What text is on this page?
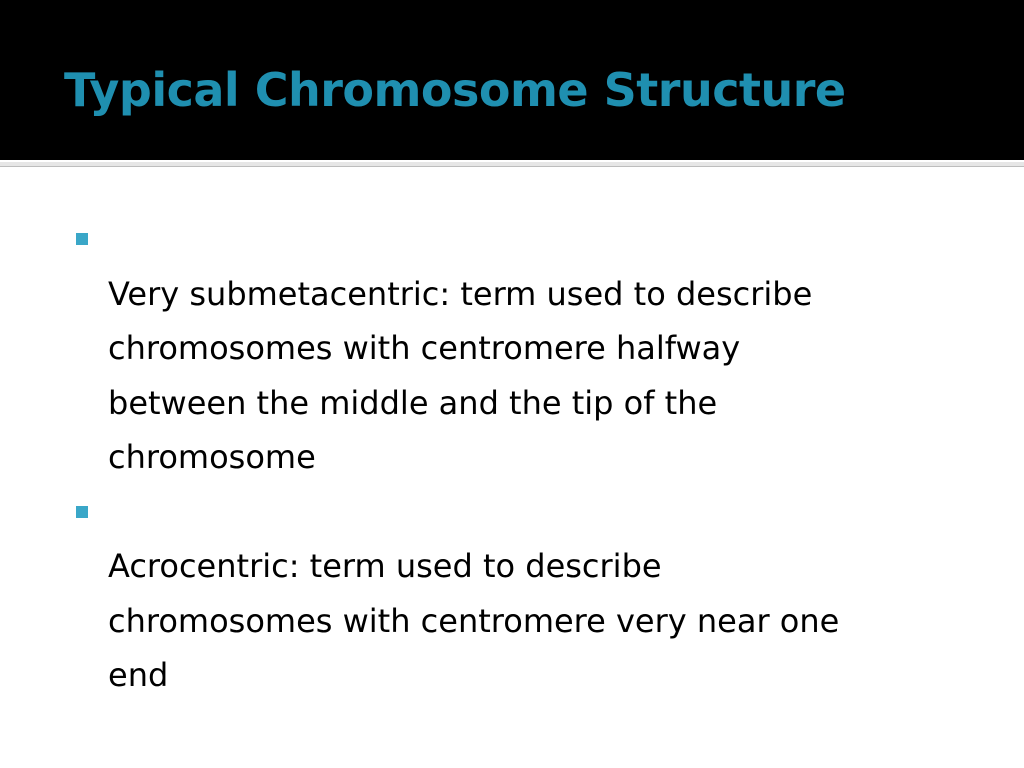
Typical Chromosome Structure

Very submetacentric: term used to describe
chromosomes with centromere halfway
between the middle and the tip of the
chromosome

Acrocentric: term used to describe
chromosomes with centromere very near one
end
